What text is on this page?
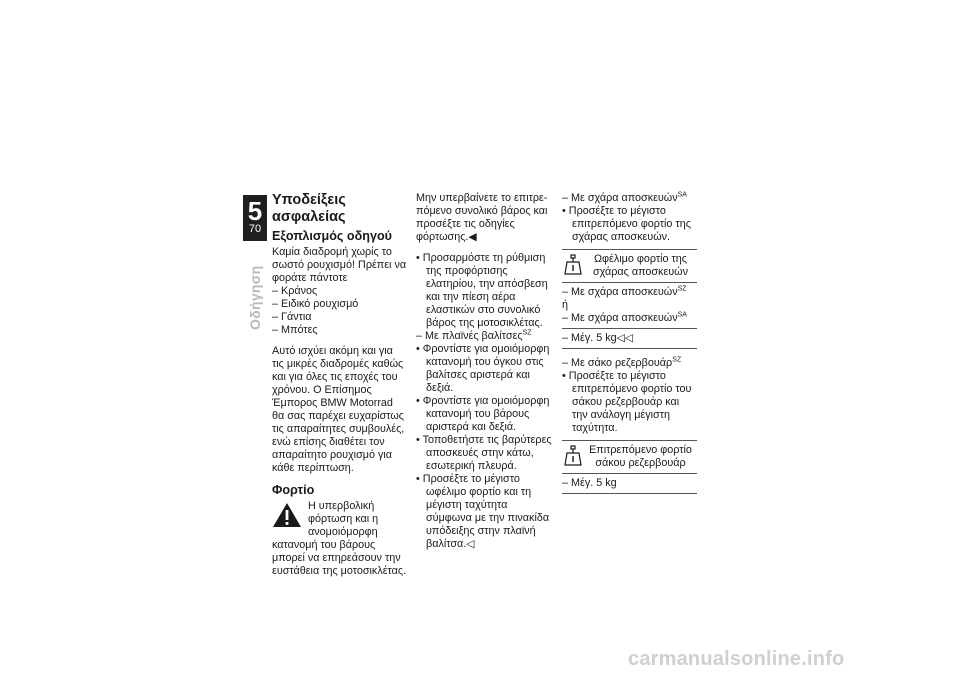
5
70
Οδήγηση
Υποδείξεις ασφαλείας
Εξοπλισμός οδηγού
Καμία διαδρομή χωρίς το σωστό ρουχισμό! Πρέπει να φοράτε πάντοτε
– Κράνος
– Ειδικό ρουχισμό
– Γάντια
– Μπότες

Αυτό ισχύει ακόμη και για τις μικρές διαδρομές καθώς και για όλες τις εποχές του χρόνου. Ο Επίσημος Έμπορος BMW Motorrad θα σας παρέχει ευχαρίστως τις απαραίτητες συμβουλές, ενώ επίσης διαθέτει τον απαραίτητο ρουχισμό για κάθε περίπτωση.

Φορτίο
Η υπερβολική φόρτωση και η ανομοιόμορφη κατανομή του βάρους μπορεί να επηρεάσουν την ευστάθεια της μοτοσικλέτας.

Μην υπερβαίνετε το επιτρεπόμενο συνολικό βάρος και προσέξτε τις οδηγίες φόρτωσης.◀

• Προσαρμόστε τη ρύθμιση της προφόρτισης ελατηρίου, την απόσβεση και την πίεση αέρα ελαστικών στο συνολικό βάρος της μοτοσικλέτας.
– Με πλαϊνές βαλίτσες$^{SZ}$
• Φροντίστε για ομοιόμορφη κατανομή του όγκου στις βαλίτσες αριστερά και δεξιά.
• Φροντίστε για ομοιόμορφη κατανομή του βάρους αριστερά και δεξιά.
• Τοποθετήστε τις βαρύτερες αποσκευές στην κάτω, εσωτερική πλευρά.
• Προσέξτε το μέγιστο ωφέλιμο φορτίο και τη μέγιστη ταχύτητα σύμφωνα με την πινακίδα υπόδειξης στην πλαϊνή βαλίτσα.◁
– Με σχάρα αποσκευών$^{SA}$
• Προσέξτε το μέγιστο επιτρεπόμενο φορτίο της σχάρας αποσκευών.
Ωφέλιμο φορτίο της σχάρας αποσκευών
– Με σχάρα αποσκευών$^{SZ}$
ή
– Με σχάρα αποσκευών$^{SA}$
– Μέγ. 5 kg◁◁
– Με σάκο ρεζερβουάρ$^{SZ}$
• Προσέξτε το μέγιστο επιτρεπόμενο φορτίο του σάκου ρεζερβουάρ και την ανάλογη μέγιστη ταχύτητα.
Επιτρεπόμενο φορτίο σάκου ρεζερβουάρ
– Μέγ. 5 kg
carmanualsonline.info
